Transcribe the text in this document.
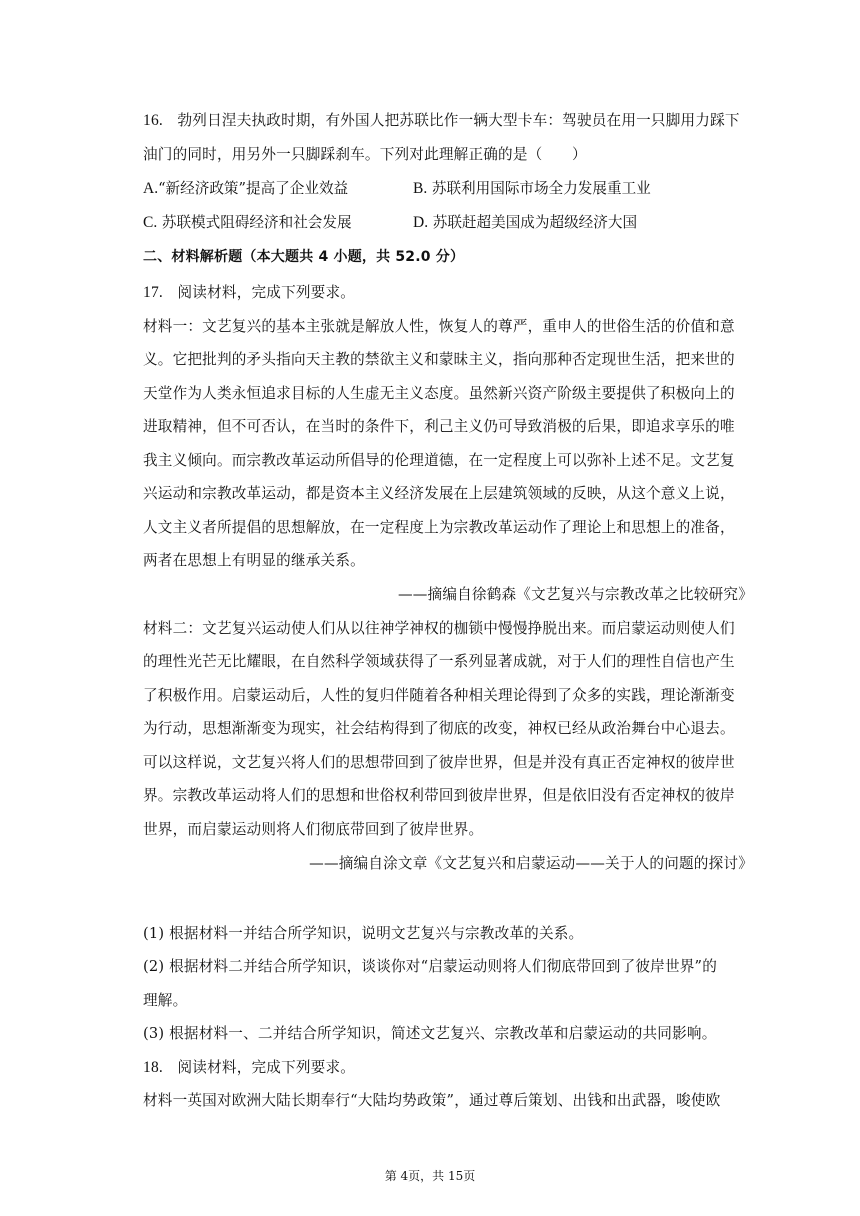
16. 勃列日涅夫执政时期，有外国人把苏联比作一辆大型卡车：驾驶员在用一只脚用力踩下
油门的同时，用另外一只脚踩刹车。下列对此理解正确的是（　　）
A.“新经济政策”提高了企业效益	B. 苏联利用国际市场全力发展重工业
C. 苏联模式阻碍经济和社会发展	D. 苏联赶超美国成为超级经济大国
二、材料解析题（本大题共 4 小题，共 52.0 分）
17. 阅读材料，完成下列要求。
材料一：文艺复兴的基本主张就是解放人性，恢复人的尊严，重申人的世俗生活的价值和意
义。它把批判的矛头指向天主教的禁欲主义和蒙昧主义，指向那种否定现世生活，把来世的
天堂作为人类永恒追求目标的人生虚无主义态度。虽然新兴资产阶级主要提供了积极向上的
进取精神，但不可否认，在当时的条件下，利己主义仍可导致消极的后果，即追求享乐的唯
我主义倾向。而宗教改革运动所倡导的伦理道德，在一定程度上可以弥补上述不足。文艺复
兴运动和宗教改革运动，都是资本主义经济发展在上层建筑领域的反映，从这个意义上说，
人文主义者所提倡的思想解放，在一定程度上为宗教改革运动作了理论上和思想上的准备，
两者在思想上有明显的继承关系。
——摘编自徐鹤森《文艺复兴与宗教改革之比较研究》
材料二：文艺复兴运动使人们从以往神学神权的枷锁中慢慢挣脱出来。而启蒙运动则使人们
的理性光芒无比耀眼，在自然科学领域获得了一系列显著成就，对于人们的理性自信也产生
了积极作用。启蒙运动后，人性的复归伴随着各种相关理论得到了众多的实践，理论渐渐变
为行动，思想渐渐变为现实，社会结构得到了彻底的改变，神权已经从政治舞台中心退去。
可以这样说，文艺复兴将人们的思想带回到了彼岸世界，但是并没有真正否定神权的彼岸世
界。宗教改革运动将人们的思想和世俗权利带回到彼岸世界，但是依旧没有否定神权的彼岸
世界，而启蒙运动则将人们彻底带回到了彼岸世界。
——摘编自涂文章《文艺复兴和启蒙运动——关于人的问题的探讨》
(1) 根据材料一并结合所学知识，说明文艺复兴与宗教改革的关系。
(2) 根据材料二并结合所学知识，谈谈你对“启蒙运动则将人们彻底带回到了彼岸世界”的
理解。
(3) 根据材料一、二并结合所学知识，简述文艺复兴、宗教改革和启蒙运动的共同影响。
18. 阅读材料，完成下列要求。
材料一英国对欧洲大陆长期奉行“大陆均势政策”，通过尊后策划、出钱和出武器，唆使欧
第 4页，共 15页
